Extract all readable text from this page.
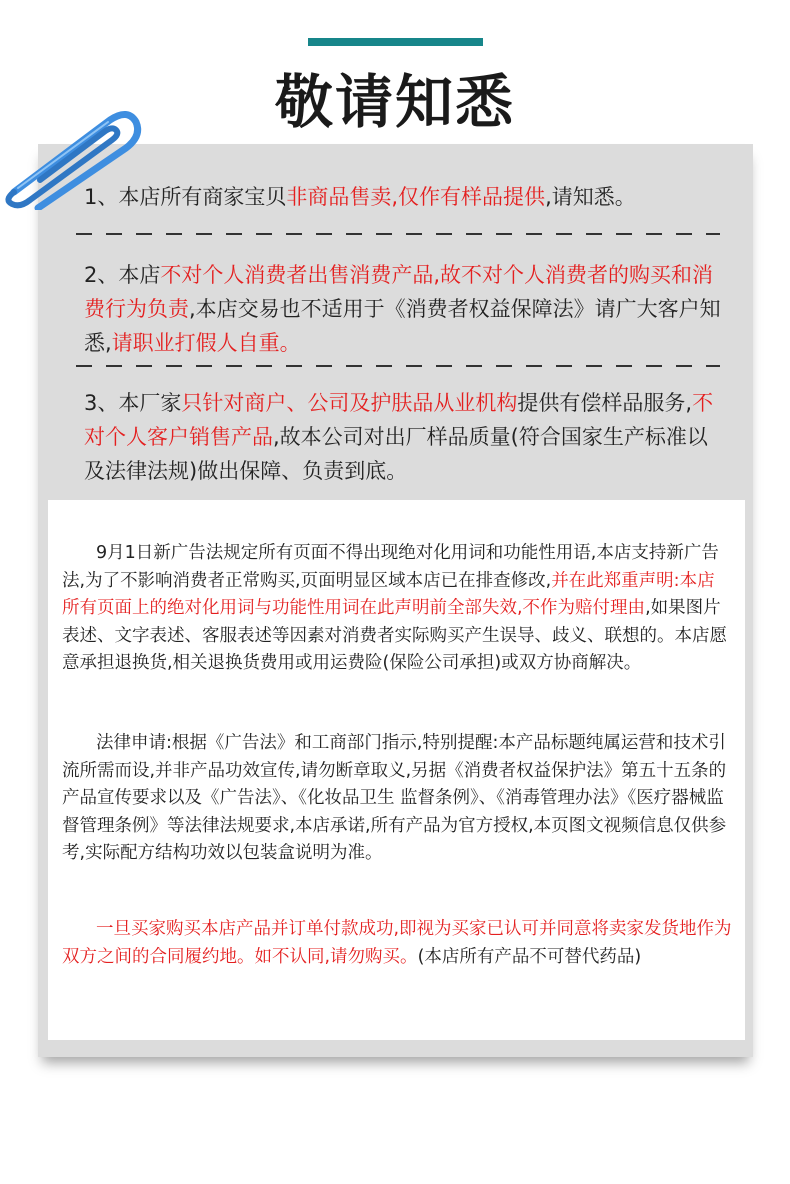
敬请知悉

1、本店所有商家宝贝非商品售卖,仅作有样品提供,请知悉。

2、本店不对个人消费者出售消费产品,故不对个人消费者的购买和消费行为负责,本店交易也不适用于《消费者权益保障法》请广大客户知悉,请职业打假人自重。

3、本厂家只针对商户、公司及护肤品从业机构提供有偿样品服务,不对个人客户销售产品,故本公司对出厂样品质量(符合国家生产标准以及法律法规)做出保障、负责到底。

9月1日新广告法规定所有页面不得出现绝对化用词和功能性用语,本店支持新广告法,为了不影响消费者正常购买,页面明显区域本店已在排查修改,并在此郑重声明:本店所有页面上的绝对化用词与功能性用词在此声明前全部失效,不作为赔付理由,如果图片表述、文字表述、客服表述等因素对消费者实际购买产生误导、歧义、联想的。本店愿意承担退换货,相关退换货费用或用运费险(保险公司承担)或双方协商解决。

法律申请:根据《广告法》和工商部门指示,特别提醒:本产品标题纯属运营和技术引流所需而设,并非产品功效宣传,请勿断章取义,另据《消费者权益保护法》第五十五条的产品宣传要求以及《广告法》、《化妆品卫生 监督条例》、《消毒管理办法》《医疗器械监督管理条例》等法律法规要求,本店承诺,所有产品为官方授权,本页图文视频信息仅供参考,实际配方结构功效以包装盒说明为准。

一旦买家购买本店产品并订单付款成功,即视为买家已认可并同意将卖家发货地作为双方之间的合同履约地。如不认同,请勿购买。(本店所有产品不可替代药品)
